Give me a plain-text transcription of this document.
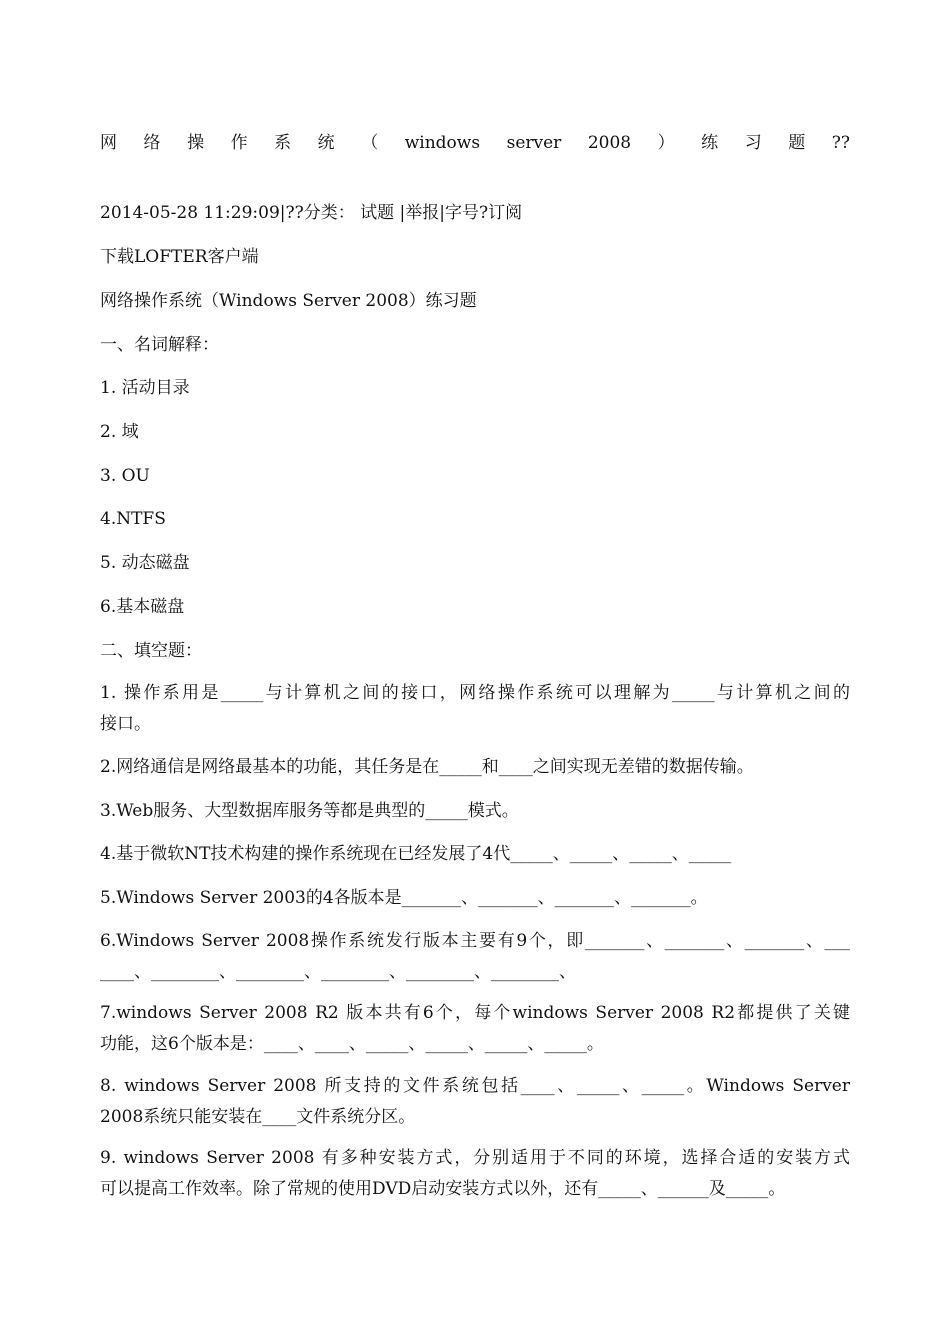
网 络 操 作 系 统 （ windows server 2008 ） 练 习 题 ??
2014-05-28 11:29:09|??分类： 试题 |举报|字号?订阅
下载LOFTER客户端
网络操作系统（Windows Server 2008）练习题
一、名词解释：
1. 活动目录
2. 域
3. OU
4.NTFS
5. 动态磁盘
6.基本磁盘
二、填空题：
1. 操作系用是_____与计算机之间的接口，网络操作系统可以理解为_____与计算机之间的
接口。
2.网络通信是网络最基本的功能，其任务是在_____和____之间实现无差错的数据传输。
3.Web服务、大型数据库服务等都是典型的_____模式。
4.基于微软NT技术构建的操作系统现在已经发展了4代_____、_____、_____、_____
5.Windows Server 2003的4各版本是_______、_______、_______、_______。
6.Windows Server 2008操作系统发行版本主要有9个，即_______、_______、_______、___
____、________、________、________、________、________、
7.windows Server 2008 R2 版本共有6个，每个windows Server 2008 R2都提供了关键
功能，这6个版本是：____、____、_____、_____、_____、_____。
8. windows Server 2008 所支持的文件系统包括____、_____、_____。Windows Server
2008系统只能安装在____文件系统分区。
9. windows Server 2008 有多种安装方式，分别适用于不同的环境，选择合适的安装方式
可以提高工作效率。除了常规的使用DVD启动安装方式以外，还有_____、______及_____。
